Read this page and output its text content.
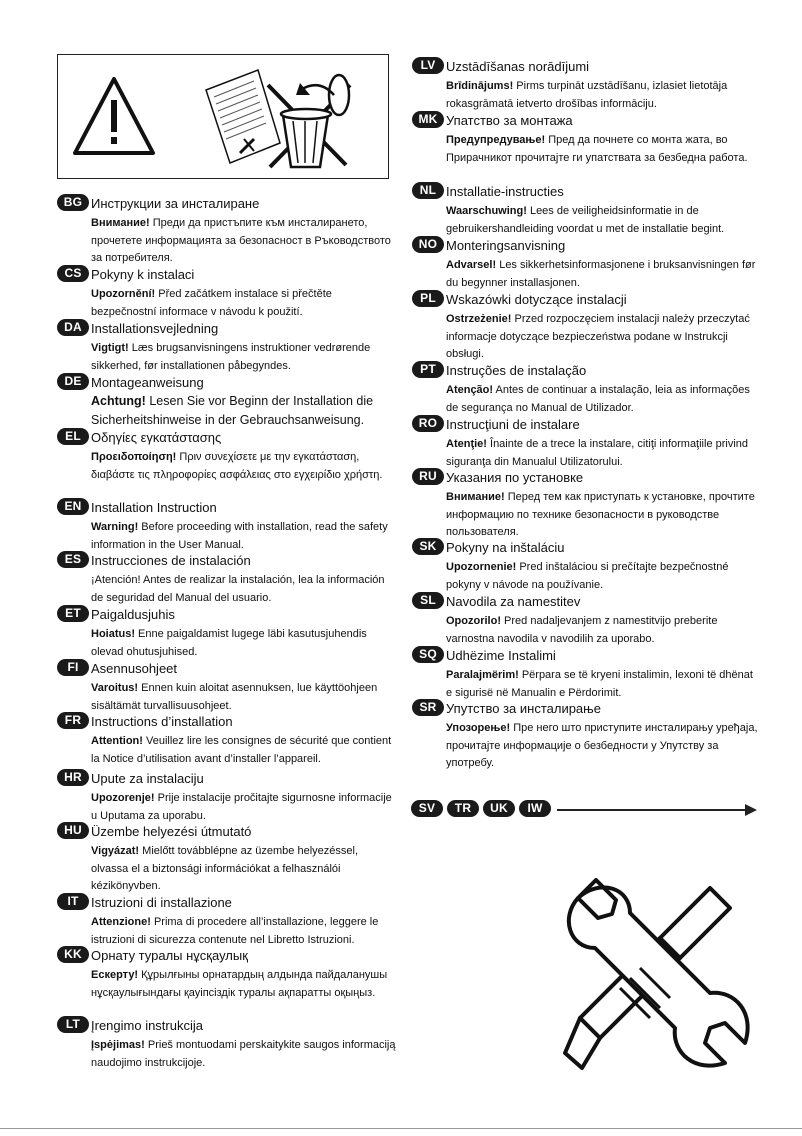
BG Инструкции за инсталиране
Внимание! Преди да пристъпите към инсталирането, прочетете информацията за безопасност в Ръководството за потребителя.
CS Pokyny k instalaci
Upozornění! Před začátkem instalace si přečtěte bezpečnostní informace v návodu k použití.
DA Installationsvejledning
Vigtigt! Læs brugsanvisningens instruktioner vedrørende sikkerhed, før installationen påbegyndes.
DE Montageanweisung
Achtung! Lesen Sie vor Beginn der Installation die Sicherheitshinweise in der Gebrauchsanweisung.
EL Οδηγίες εγκατάστασης
Προειδοποίηση! Πριν συνεχίσετε με την εγκατάσταση, διαβάστε τις πληροφορίες ασφάλειας στο εγχειρίδιο χρήστη.
EN Installation Instruction
Warning! Before proceeding with installation, read the safety information in the User Manual.
ES Instrucciones de instalación
¡Atención! Antes de realizar la instalación, lea la información de seguridad del Manual del usuario.
ET Paigaldusjuhis
Hoiatus! Enne paigaldamist lugege läbi kasutusjuhendis olevad ohutusjuhised.
FI Asennusohjeet
Varoitus! Ennen kuin aloitat asennuksen, lue käyttöohjeen sisältämät turvallisuusohjeet.
FR Instructions d’installation
Attention! Veuillez lire les consignes de sécurité que contient la Notice d’utilisation avant d’installer l’appareil.
HR Upute za instalaciju
Upozorenje! Prije instalacije pročitajte sigurnosne informacije u Uputama za uporabu.
HU Üzembe helyezési útmutató
Vigyázat! Mielőtt továbblépne az üzembe helyezéssel, olvassa el a biztonsági információkat a felhasználói kézikönyvben.
IT Istruzioni di installazione
Attenzione! Prima di procedere all’installazione, leggere le istruzioni di sicurezza contenute nel Libretto Istruzioni.
KK Орнату туралы нұсқаулық
Ескерту! Құрылғыны орнатардың алдында пайдаланушы нұсқаулығындағы қауіпсіздік туралы ақпаратты оқыңыз.
LT Įrengimo instrukcija
Įspėjimas! Prieš montuodami perskaitykite saugos informaciją naudojimo instrukcijoje.
LV Uzstādīšanas norādījumi
Brīdinājums! Pirms turpināt uzstādīšanu, izlasiet lietotāja rokasgrāmatā ietverto drošības informāciju.
MK Упатство за монтажа
Предупредување! Пред да почнете со монта жата, во Прирачникот прочитајте ги упатствата за безбедна работа.
NL Installatie-instructies
Waarschuwing! Lees de veiligheidsinformatie in de gebruikershandleiding voordat u met de installatie begint.
NO Monteringsanvisning
Advarsel! Les sikkerhetsinformasjonene i bruksanvisningen før du begynner installasjonen.
PL Wskazówki dotyczące instalacji
Ostrzeżenie! Przed rozpoczęciem instalacji należy przeczytać informacje dotyczące bezpieczeństwa podane w Instrukcji obsługi.
PT Instruções de instalação
Atenção! Antes de continuar a instalação, leia as informações de segurança no Manual de Utilizador.
RO Instrucţiuni de instalare
Atenţie! Înainte de a trece la instalare, citiţi informaţiile privind siguranţa din Manualul Utilizatorului.
RU Указания по установке
Внимание! Перед тем как приступать к установке, прочтите информацию по технике безопасности в руководстве пользователя.
SK Pokyny na inštaláciu
Upozornenie! Pred inštaláciou si prečítajte bezpečnostné pokyny v návode na používanie.
SL Navodila za namestitev
Opozorilo! Pred nadaljevanjem z namestitvijo preberite varnostna navodila v navodilih za uporabo.
SQ Udhëzime Instalimi
Paralajmërim! Përpara se të kryeni instalimin, lexoni të dhënat e sigurisë në Manualin e Përdorimit.
SR Упутство за инсталирање
Упозорење! Пре него што приступите инсталирању уређаја, прочитајте информације о безбедности у Упутству за употребу.
SV	TR	UK	IW
